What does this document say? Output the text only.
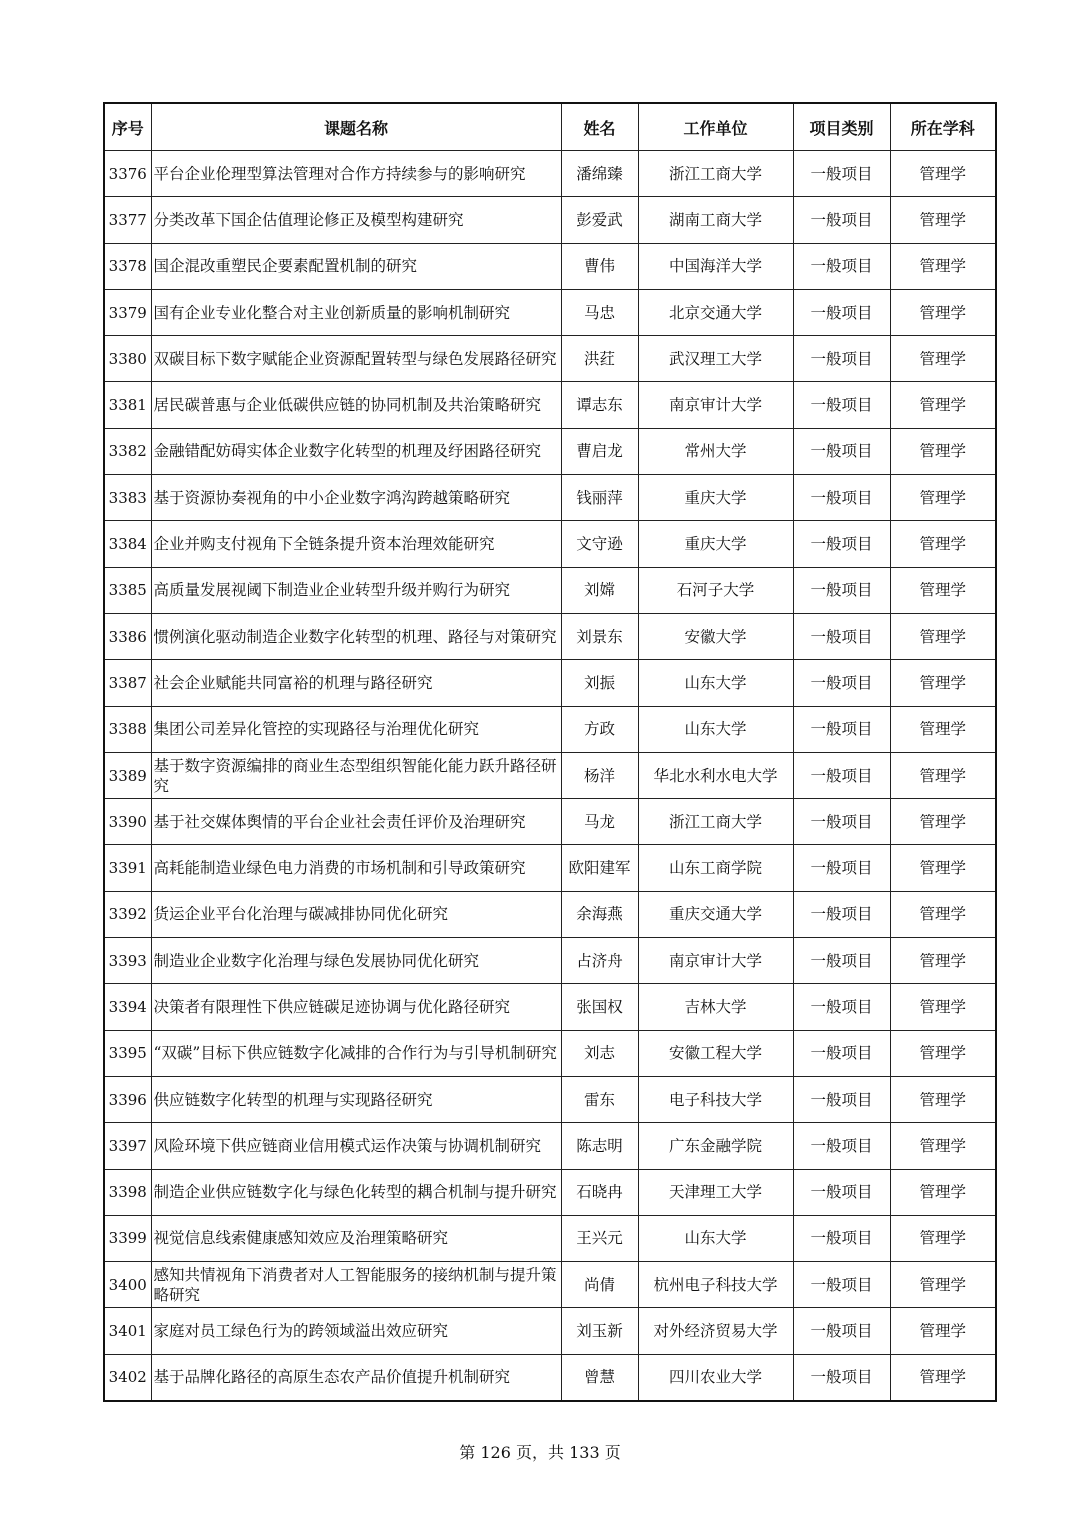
序号	课题名称	姓名	工作单位	项目类别	所在学科
3376	平台企业伦理型算法管理对合作方持续参与的影响研究	潘绵臻	浙江工商大学	一般项目	管理学
3377	分类改革下国企估值理论修正及模型构建研究	彭爱武	湖南工商大学	一般项目	管理学
3378	国企混改重塑民企要素配置机制的研究	曹伟	中国海洋大学	一般项目	管理学
3379	国有企业专业化整合对主业创新质量的影响机制研究	马忠	北京交通大学	一般项目	管理学
3380	双碳目标下数字赋能企业资源配置转型与绿色发展路径研究	洪荭	武汉理工大学	一般项目	管理学
3381	居民碳普惠与企业低碳供应链的协同机制及共治策略研究	谭志东	南京审计大学	一般项目	管理学
3382	金融错配妨碍实体企业数字化转型的机理及纾困路径研究	曹启龙	常州大学	一般项目	管理学
3383	基于资源协奏视角的中小企业数字鸿沟跨越策略研究	钱丽萍	重庆大学	一般项目	管理学
3384	企业并购支付视角下全链条提升资本治理效能研究	文守逊	重庆大学	一般项目	管理学
3385	高质量发展视阈下制造业企业转型升级并购行为研究	刘嫦	石河子大学	一般项目	管理学
3386	惯例演化驱动制造企业数字化转型的机理、路径与对策研究	刘景东	安徽大学	一般项目	管理学
3387	社会企业赋能共同富裕的机理与路径研究	刘振	山东大学	一般项目	管理学
3388	集团公司差异化管控的实现路径与治理优化研究	方政	山东大学	一般项目	管理学
3389	基于数字资源编排的商业生态型组织智能化能力跃升路径研究	杨洋	华北水利水电大学	一般项目	管理学
3390	基于社交媒体舆情的平台企业社会责任评价及治理研究	马龙	浙江工商大学	一般项目	管理学
3391	高耗能制造业绿色电力消费的市场机制和引导政策研究	欧阳建军	山东工商学院	一般项目	管理学
3392	货运企业平台化治理与碳减排协同优化研究	余海燕	重庆交通大学	一般项目	管理学
3393	制造业企业数字化治理与绿色发展协同优化研究	占济舟	南京审计大学	一般项目	管理学
3394	决策者有限理性下供应链碳足迹协调与优化路径研究	张国权	吉林大学	一般项目	管理学
3395	“双碳”目标下供应链数字化减排的合作行为与引导机制研究	刘志	安徽工程大学	一般项目	管理学
3396	供应链数字化转型的机理与实现路径研究	雷东	电子科技大学	一般项目	管理学
3397	风险环境下供应链商业信用模式运作决策与协调机制研究	陈志明	广东金融学院	一般项目	管理学
3398	制造企业供应链数字化与绿色化转型的耦合机制与提升研究	石晓冉	天津理工大学	一般项目	管理学
3399	视觉信息线索健康感知效应及治理策略研究	王兴元	山东大学	一般项目	管理学
3400	感知共情视角下消费者对人工智能服务的接纳机制与提升策略研究	尚倩	杭州电子科技大学	一般项目	管理学
3401	家庭对员工绿色行为的跨领域溢出效应研究	刘玉新	对外经济贸易大学	一般项目	管理学
3402	基于品牌化路径的高原生态农产品价值提升机制研究	曾慧	四川农业大学	一般项目	管理学
第 126 页，共 133 页
